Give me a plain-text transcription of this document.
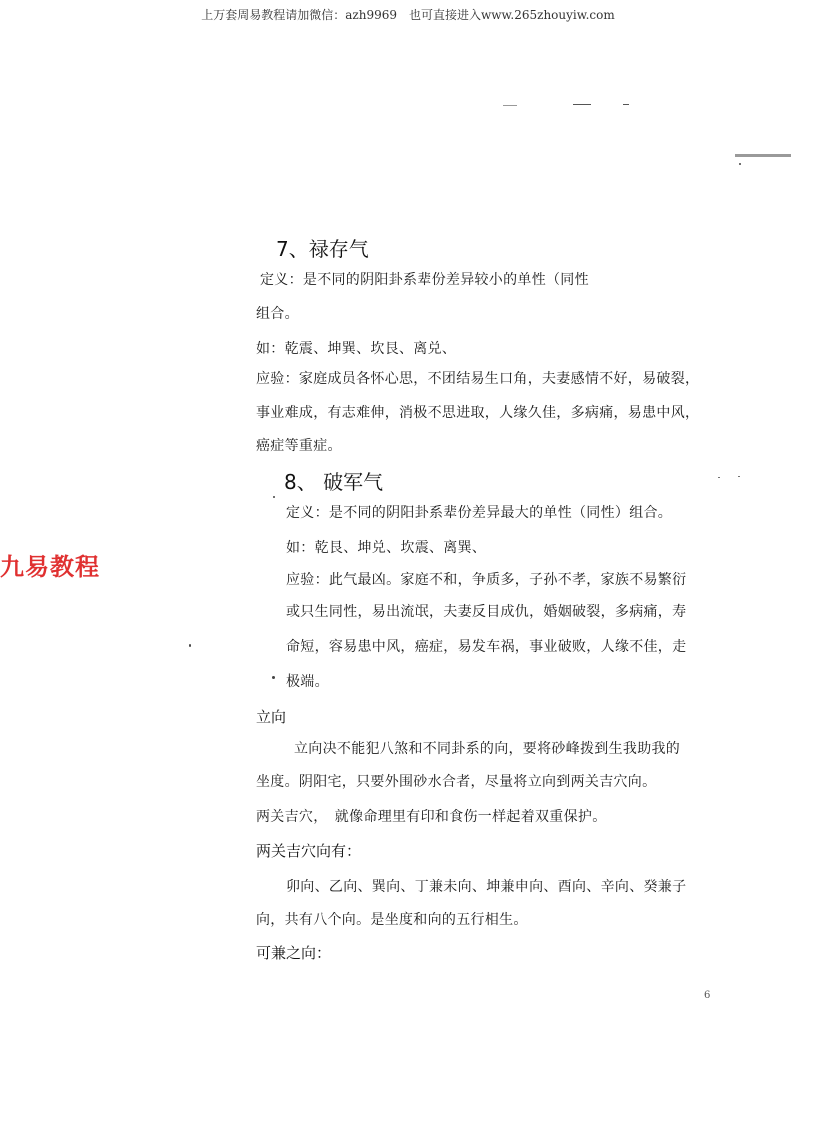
上万套周易教程请加微信：azh9969　也可直接进入www.265zhouyiw.com
7、禄存气
定义：是不同的阴阳卦系辈份差异较小的单性（同性
组合。
如：乾震、坤巽、坎艮、离兑、
应验：家庭成员各怀心思，不团结易生口角，夫妻感情不好，易破裂，
事业难成，有志难伸，消极不思进取，人缘久佳，多病痛，易患中风，
癌症等重症。
8、 破军气
定义：是不同的阴阳卦系辈份差异最大的单性（同性）组合。
如：乾艮、坤兑、坎震、离巽、
应验：此气最凶。家庭不和，争质多，子孙不孝，家族不易繁衍
或只生同性，易出流氓，夫妻反目成仇，婚姻破裂，多病痛，寿
命短，容易患中风，癌症，易发车祸，事业破败，人缘不佳，走
极端。
九易教程
立向
立向决不能犯八煞和不同卦系的向，要将砂峰拨到生我助我的
坐度。阴阳宅，只要外围砂水合者，尽量将立向到两关吉穴向。
两关吉穴，　就像命理里有印和食伤一样起着双重保护。
两关吉穴向有：
卯向、乙向、巽向、丁兼未向、坤兼申向、酉向、辛向、癸兼子
向，共有八个向。是坐度和向的五行相生。
可兼之向：
6
